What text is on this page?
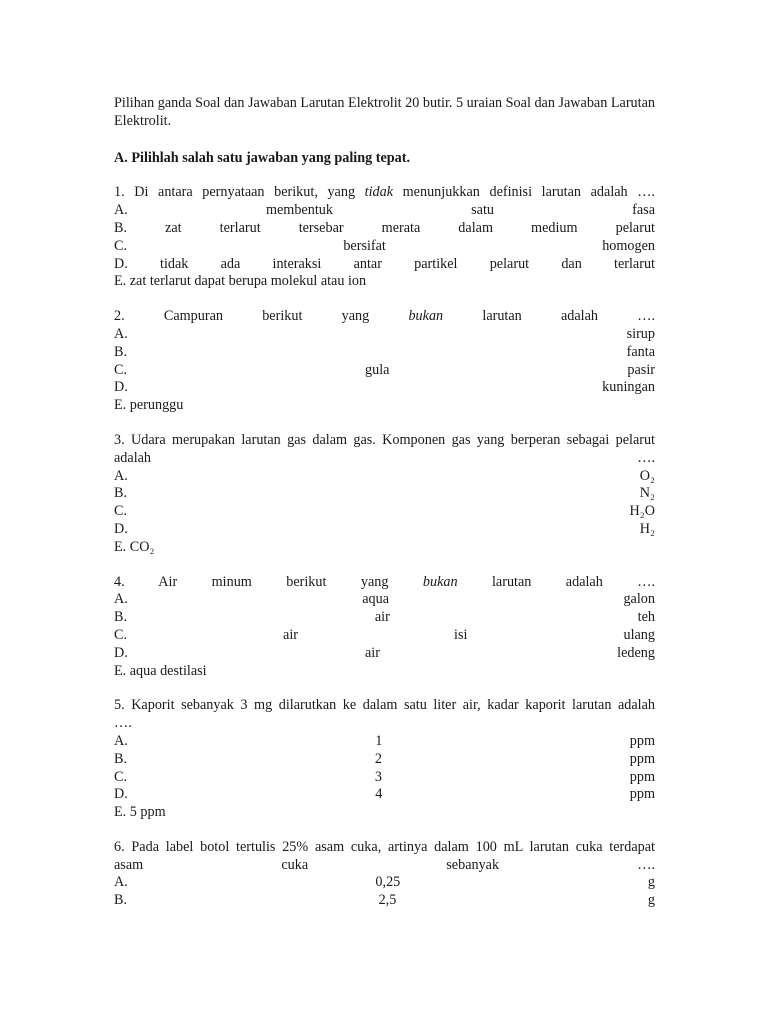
Pilihan ganda Soal dan Jawaban Larutan Elektrolit 20 butir. 5 uraian Soal dan Jawaban Larutan Elektrolit.

A. Pilihlah salah satu jawaban yang paling tepat.

1. Di antara pernyataan berikut, yang tidak menunjukkan definisi larutan adalah ….

A. membentuk satu fasa

B. zat terlarut tersebar merata dalam medium pelarut

C. bersifat homogen

D. tidak ada interaksi antar partikel pelarut dan terlarut

E. zat terlarut dapat berupa molekul atau ion

2. Campuran berikut yang bukan larutan adalah ….

A. sirup

B. fanta

C. gula pasir

D. kuningan

E. perunggu

3. Udara merupakan larutan gas dalam gas. Komponen gas yang berperan sebagai pelarut

adalah ….

A. O₂

B. N₂

C. H₂O

D. H₂

E. CO₂

4. Air minum berikut yang bukan larutan adalah ….

A. aqua galon

B. air teh

C. air isi ulang

D. air ledeng

E. aqua destilasi

5. Kaporit sebanyak 3 mg dilarutkan ke dalam satu liter air, kadar kaporit larutan adalah

….

A. 1 ppm

B. 2 ppm

C. 3 ppm

D. 4 ppm

E. 5 ppm

6. Pada label botol tertulis 25% asam cuka, artinya dalam 100 mL larutan cuka terdapat

asam cuka sebanyak ….

A. 0,25 g

B. 2,5 g
